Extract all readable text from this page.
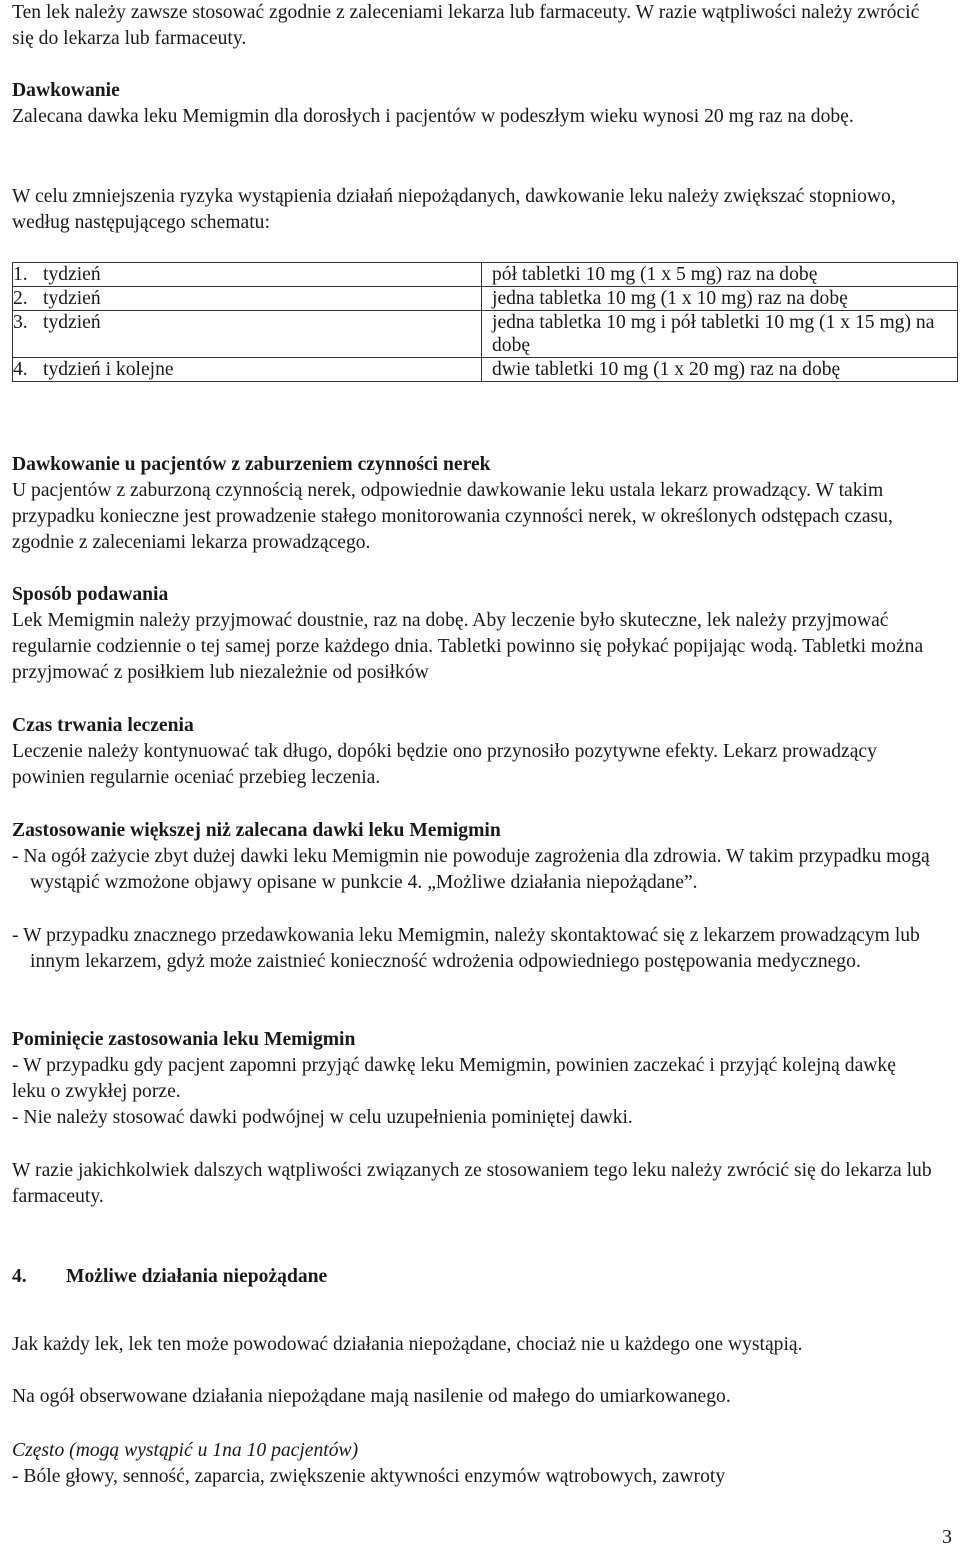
Ten lek należy zawsze stosować zgodnie z zaleceniami lekarza lub farmaceuty. W razie wątpliwości należy zwrócić się do lekarza lub farmaceuty.

Dawkowanie

Zalecana dawka leku Memigmin dla dorosłych i pacjentów w podeszłym wieku wynosi 20 mg raz na dobę.

W celu zmniejszenia ryzyka wystąpienia działań niepożądanych, dawkowanie leku należy zwiększać stopniowo, według następującego schematu:

1. tydzień	pół tabletki 10 mg (1 x 5 mg) raz na dobę
2. tydzień	jedna tabletka 10 mg (1 x 10 mg) raz na dobę
3. tydzień	jedna tabletka 10 mg i pół tabletki 10 mg (1 x 15 mg) na dobę
4. tydzień i kolejne	dwie tabletki 10 mg (1 x 20 mg) raz na dobę

Dawkowanie u pacjentów z zaburzeniem czynności nerek

U pacjentów z zaburzoną czynnością nerek, odpowiednie dawkowanie leku ustala lekarz prowadzący. W takim przypadku konieczne jest prowadzenie stałego monitorowania czynności nerek, w określonych odstępach czasu, zgodnie z zaleceniami lekarza prowadzącego.

Sposób podawania

Lek Memigmin należy przyjmować doustnie, raz na dobę. Aby leczenie było skuteczne, lek należy przyjmować regularnie codziennie o tej samej porze każdego dnia. Tabletki powinno się połykać popijając wodą. Tabletki można przyjmować z posiłkiem lub niezależnie od posiłków

Czas trwania leczenia

Leczenie należy kontynuować tak długo, dopóki będzie ono przynosiło pozytywne efekty. Lekarz prowadzący powinien regularnie oceniać przebieg leczenia.

Zastosowanie większej niż zalecana dawki leku Memigmin

- Na ogół zażycie zbyt dużej dawki leku Memigmin nie powoduje zagrożenia dla zdrowia. W takim przypadku mogą wystąpić wzmożone objawy opisane w punkcie 4. „Możliwe działania niepożądane”.

- W przypadku znacznego przedawkowania leku Memigmin, należy skontaktować się z lekarzem prowadzącym lub innym lekarzem, gdyż może zaistnieć konieczność wdrożenia odpowiedniego postępowania medycznego.

Pominięcie zastosowania leku Memigmin

- W przypadku gdy pacjent zapomni przyjąć dawkę leku Memigmin, powinien zaczekać i przyjąć kolejną dawkę leku o zwykłej porze.

- Nie należy stosować dawki podwójnej w celu uzupełnienia pominiętej dawki.

W razie jakichkolwiek dalszych wątpliwości związanych ze stosowaniem tego leku należy zwrócić się do lekarza lub farmaceuty.

4. Możliwe działania niepożądane

Jak każdy lek, lek ten może powodować działania niepożądane, chociaż nie u każdego one wystąpią.

Na ogół obserwowane działania niepożądane mają nasilenie od małego do umiarkowanego.

Często (mogą wystąpić u 1na 10 pacjentów)

- Bóle głowy, senność, zaparcia, zwiększenie aktywności enzymów wątrobowych, zawroty

3
